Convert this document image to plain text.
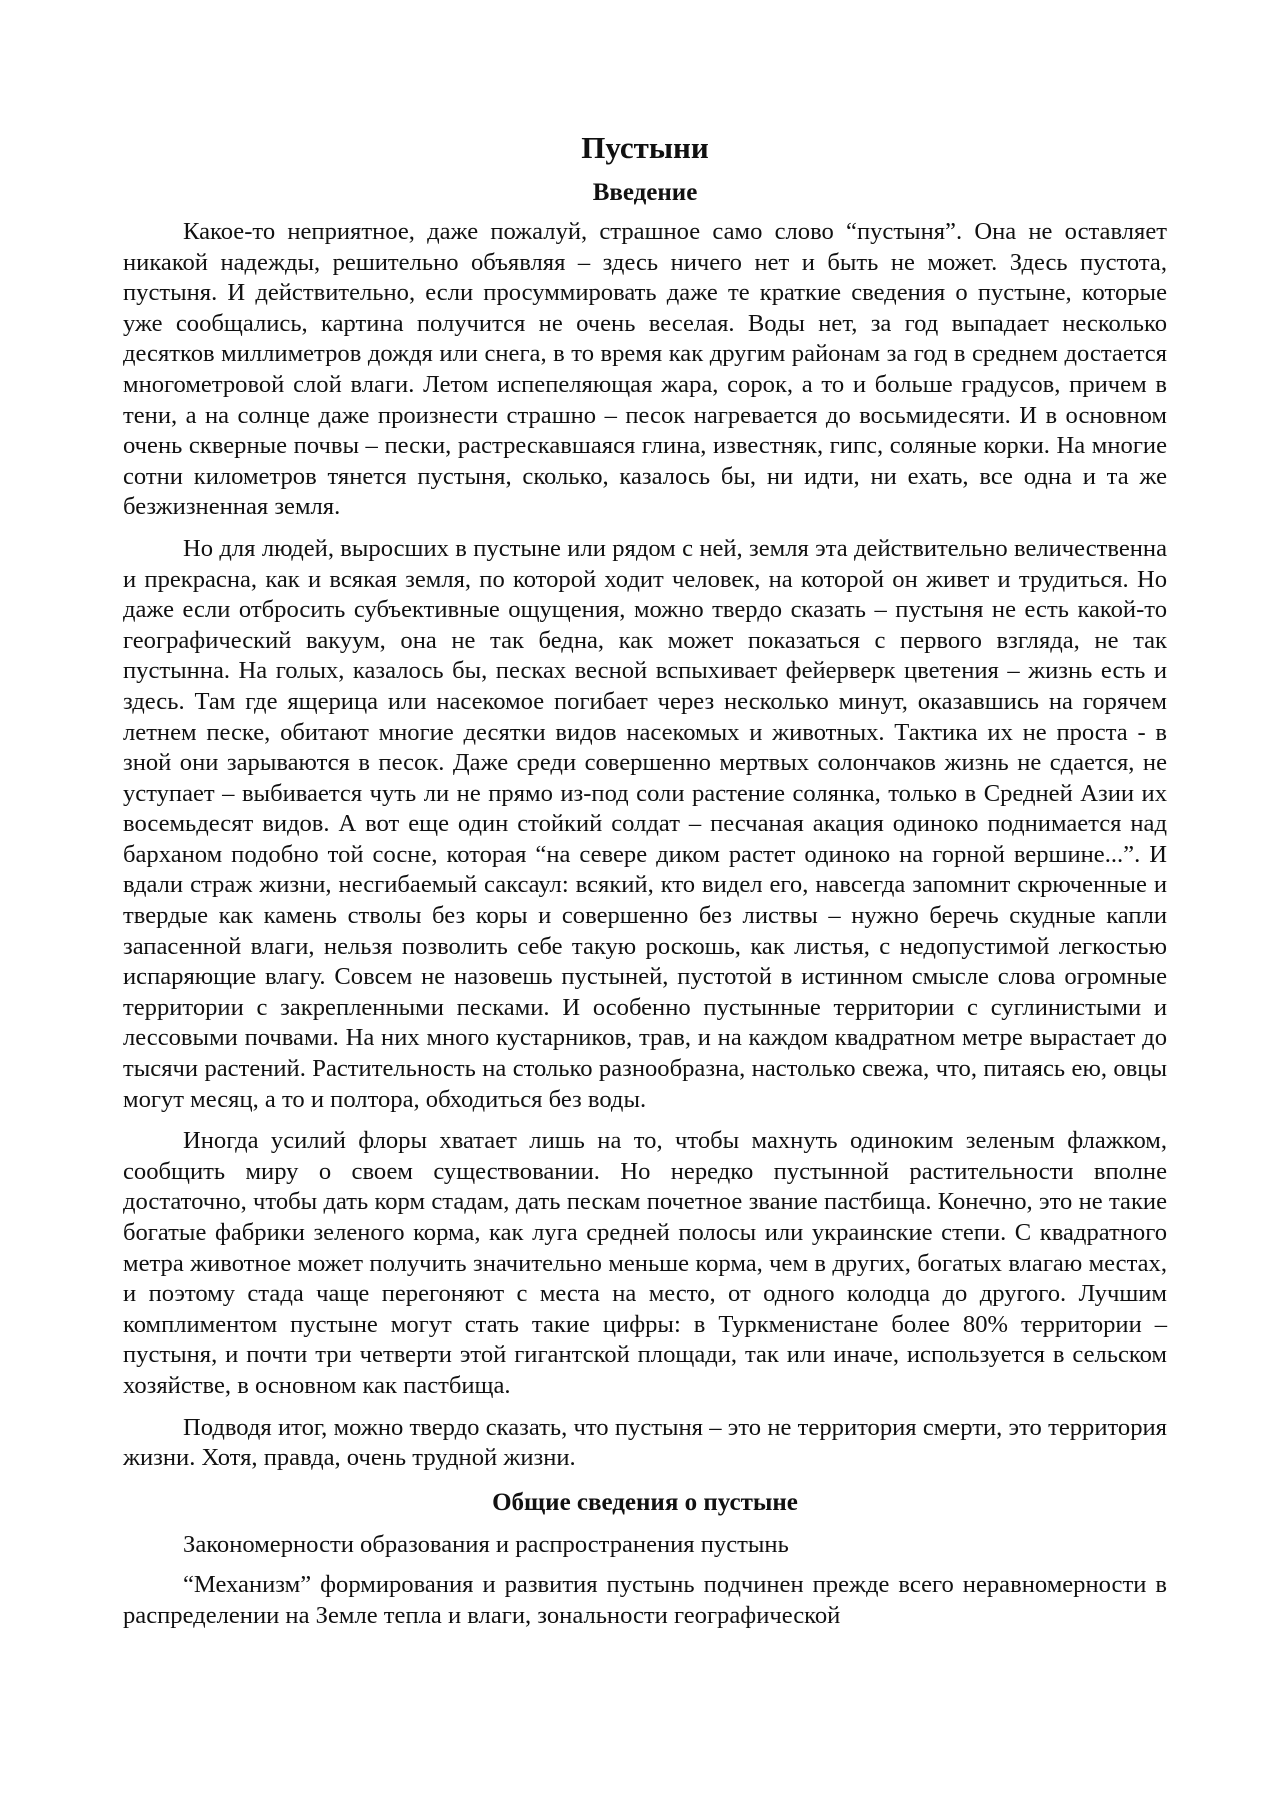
Пустыни
Введение

Какое-то неприятное, даже пожалуй, страшное само слово “пустыня”. Она не оставляет никакой надежды, решительно объявляя – здесь ничего нет и быть не может. Здесь пустота, пустыня. И действительно, если просуммировать даже те краткие сведения о пустыне, которые уже сообщались, картина получится не очень веселая. Воды нет, за год выпадает несколько десятков миллиметров дождя или снега, в то время как другим районам за год в среднем достается многометровой слой влаги. Летом испепеляющая жара, сорок, а то и больше градусов, причем в тени, а на солнце даже произнести страшно – песок нагревается до восьмидесяти. И в основном очень скверные почвы – пески, растрескавшаяся глина, известняк, гипс, соляные корки. На многие сотни километров тянется пустыня, сколько, казалось бы, ни идти, ни ехать, все одна и та же безжизненная земля.

Но для людей, выросших в пустыне или рядом с ней, земля эта действительно величественна и прекрасна, как и всякая земля, по которой ходит человек, на которой он живет и трудиться. Но даже если отбросить субъективные ощущения, можно твердо сказать – пустыня не есть какой-то географический вакуум, она не так бедна, как может показаться с первого взгляда, не так пустынна. На голых, казалось бы, песках весной вспыхивает фейерверк цветения – жизнь есть и здесь. Там где ящерица или насекомое погибает через несколько минут, оказавшись на горячем летнем песке, обитают многие десятки видов насекомых и животных. Тактика их не проста - в зной они зарываются в песок. Даже среди совершенно мертвых солончаков жизнь не сдается, не уступает – выбивается чуть ли не прямо из-под соли растение солянка, только в Средней Азии их восемьдесят видов. А вот еще один стойкий солдат – песчаная акация одиноко поднимается над барханом подобно той сосне, которая “на севере диком растет одиноко на горной вершине...”. И вдали страж жизни, несгибаемый саксаул: всякий, кто видел его, навсегда запомнит скрюченные и твердые как камень стволы без коры и совершенно без листвы – нужно беречь скудные капли запасенной влаги, нельзя позволить себе такую роскошь, как листья, с недопустимой легкостью испаряющие влагу. Совсем не назовешь пустыней, пустотой в истинном смысле слова огромные территории с закрепленными песками. И особенно пустынные территории с суглинистыми и лессовыми почвами. На них много кустарников, трав, и на каждом квадратном метре вырастает до тысячи растений. Растительность на столько разнообразна, настолько свежа, что, питаясь ею, овцы могут месяц, а то и полтора, обходиться без воды.

Иногда усилий флоры хватает лишь на то, чтобы махнуть одиноким зеленым флажком, сообщить миру о своем существовании. Но нередко пустынной растительности вполне достаточно, чтобы дать корм стадам, дать пескам почетное звание пастбища. Конечно, это не такие богатые фабрики зеленого корма, как луга средней полосы или украинские степи. С квадратного метра животное может получить значительно меньше корма, чем в других, богатых влагаю местах, и поэтому стада чаще перегоняют с места на место, от одного колодца до другого. Лучшим комплиментом пустыне могут стать такие цифры: в Туркменистане более 80% территории – пустыня, и почти три четверти этой гигантской площади, так или иначе, используется в сельском хозяйстве, в основном как пастбища.

Подводя итог, можно твердо сказать, что пустыня – это не территория смерти, это территория жизни. Хотя, правда, очень трудной жизни.

Общие сведения о пустыне

Закономерности образования и распространения пустынь

“Механизм” формирования и развития пустынь подчинен прежде всего неравномерности в распределении на Земле тепла и влаги, зональности географической
